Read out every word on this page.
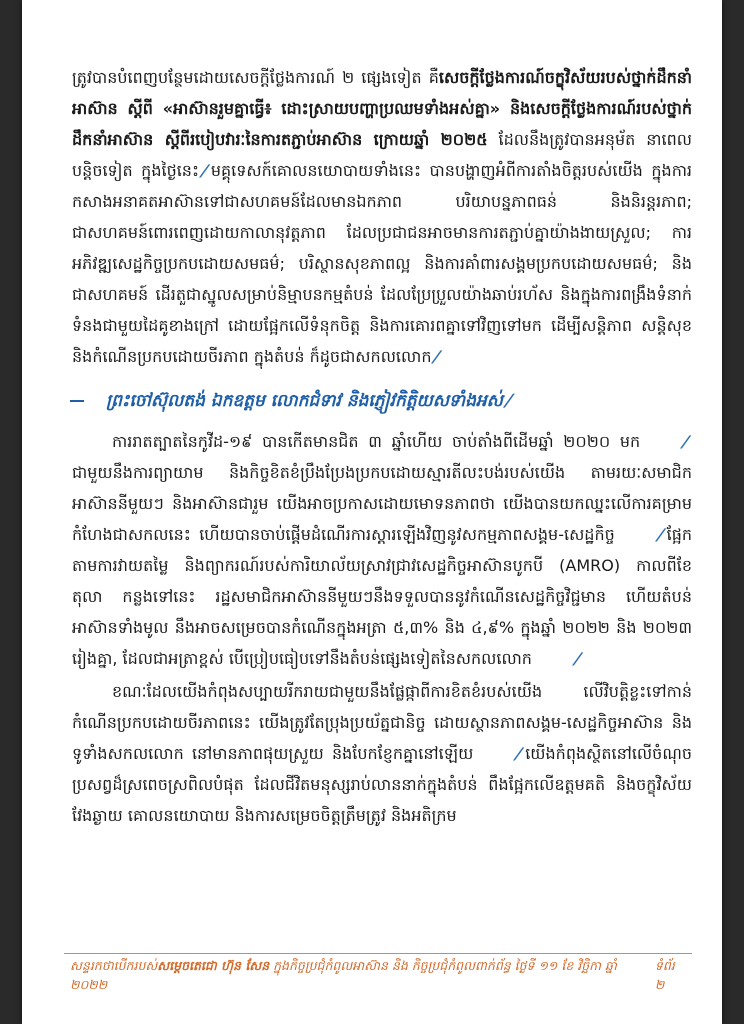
ត្រូវបានបំពេញបន្ថែមដោយសេចក្តីថ្លែងការណ៍ ២ ផ្សេងទៀត គឺសេចក្តីថ្លែងការណ៍ចក្ខុវិស័យរបស់ថ្នាក់ដឹកនាំអាស៊ាន ស្តីពី «អាស៊ានរួមគ្នាធ្វើ៖ ដោះស្រាយបញ្ហាប្រឈមទាំងអស់គ្នា» និងសេចក្តីថ្លែងការណ៍របស់ថ្នាក់ដឹកនាំអាស៊ាន ស្តីពីរបៀបវារៈនៃការតភ្ជាប់អាស៊ាន ក្រោយឆ្នាំ ២០២៥ ដែលនឹងត្រូវបានអនុម័ត នាពេលបន្តិចទៀត ក្នុងថ្ងៃនេះ/មគ្គុទេសក៍គោលនយោបាយទាំងនេះ បានបង្ហាញអំពីការតាំងចិត្តរបស់យើង ក្នុងការកសាងអនាគតអាស៊ានទៅជាសហគមន៍ដែលមានឯកភាព បរិយាបន្នភាពធន់ និងនិរន្តរភាព; ជាសហគមន៍ពោរពេញដោយកាលានុវត្តភាព ដែលប្រជាជនអាចមានការតភ្ជាប់គ្នាយ៉ាងងាយស្រួល; ការអភិវឌ្ឍសេដ្ឋកិច្ចប្រកបដោយសមធម៌; បរិស្ថានសុខភាពល្អ និងការគាំពារសង្គមប្រកបដោយសមធម៌; និងជាសហគមន៍ ដើរតួជាស្នូលសម្រាប់និម្មាបនកម្មតំបន់ ដែលប្រែប្រួលយ៉ាងឆាប់រហ័ស និងក្នុងការពង្រឹងទំនាក់ទំនងជាមួយដៃគូខាងក្រៅ ដោយផ្អែកលើទំនុកចិត្ត និងការគោរពគ្នាទៅវិញទៅមក ដើម្បីសន្តិភាព សន្តិសុខ និងកំណើនប្រកបដោយចីរភាព ក្នុងតំបន់ ក៏ដូចជាសកលលោក/

ព្រះចៅស៊ុលតង់ ឯកឧត្តម លោកជំទាវ និងភ្ញៀវកិត្តិយសទាំងអស់ /

ការរាតត្បាតនៃកូវីដ-១៩ បានកើតមានជិត ៣ ឆ្នាំហើយ ចាប់តាំងពីដើមឆ្នាំ ២០២០ មក	/ជាមួយនឹងការព្យាយាម និងកិច្ចខិតខំប្រឹងប្រែងប្រកបដោយស្មារតីលះបង់របស់យើង តាមរយៈសមាជិកអាស៊ាននីមួយៗ និងអាស៊ានជារួម យើងអាចប្រកាសដោយមោទនភាពថា យើងបានយកឈ្នះលើការគម្រាមកំហែងជាសកលនេះ ហើយបានចាប់ផ្តើមដំណើរការស្តារឡើងវិញនូវសកម្មភាពសង្គម-សេដ្ឋកិច្ច	/ផ្អែកតាមការវាយតម្លៃ និងព្យាករណ៍របស់ការិយាល័យស្រាវជ្រាវសេដ្ឋកិច្ចអាស៊ានបូកបី (AMRO) កាលពីខែ តុលា កន្លងទៅនេះ រដ្ឋសមាជិកអាស៊ាននីមួយៗនឹងទទួលបាននូវកំណើនសេដ្ឋកិច្ចវិជ្ជមាន ហើយតំបន់អាស៊ានទាំងមូល នឹងអាចសម្រេចបានកំណើនក្នុងអត្រា ៥,៣% និង ៤,៩% ក្នុងឆ្នាំ ២០២២ និង ២០២៣ រៀងគ្នា, ដែលជាអត្រាខ្ពស់ បើប្រៀបធៀបទៅនឹងតំបន់ផ្សេងទៀតនៃសកលលោក	/

ខណៈដែលយើងកំពុងសប្បាយរីករាយជាមួយនឹងផ្លែផ្កាពីការខិតខំរបស់យើង លើវិបត្តិខ្លះទៅកាន់កំណើនប្រកបដោយចីរភាពនេះ យើងត្រូវតែប្រុងប្រយ័ត្នជានិច្ច ដោយស្ថានភាពសង្គម-សេដ្ឋកិច្ចអាស៊ាន និងទូទាំងសកលលោក នៅមានភាពផុយស្រួយ និងបែកខ្ញែកគ្នានៅឡើយ	/យើងកំពុងស្ថិតនៅលើចំណុចប្រសព្វដ៏ស្រពេចស្រពិលបំផុត ដែលជីវិតមនុស្សរាប់លាននាក់ក្នុងតំបន់ ពឹងផ្អែកលើឧត្តមគតិ និងចក្ខុវិស័យវែងឆ្ងាយ គោលនយោបាយ និងការសម្រេចចិត្តត្រឹមត្រូវ និងអតិក្រម

សន្ទរកថាបើករបស់សម្តេចតេជោ ហ៊ុន សែន ក្នុងកិច្ចប្រជុំកំពូលអាស៊ាន និង កិច្ចប្រជុំកំពូលពាក់ព័ន្ធ ថ្ងៃទី ១១ ខែ វិច្ឆិកា ឆ្នាំ ២០២២
ទំព័រ ២
